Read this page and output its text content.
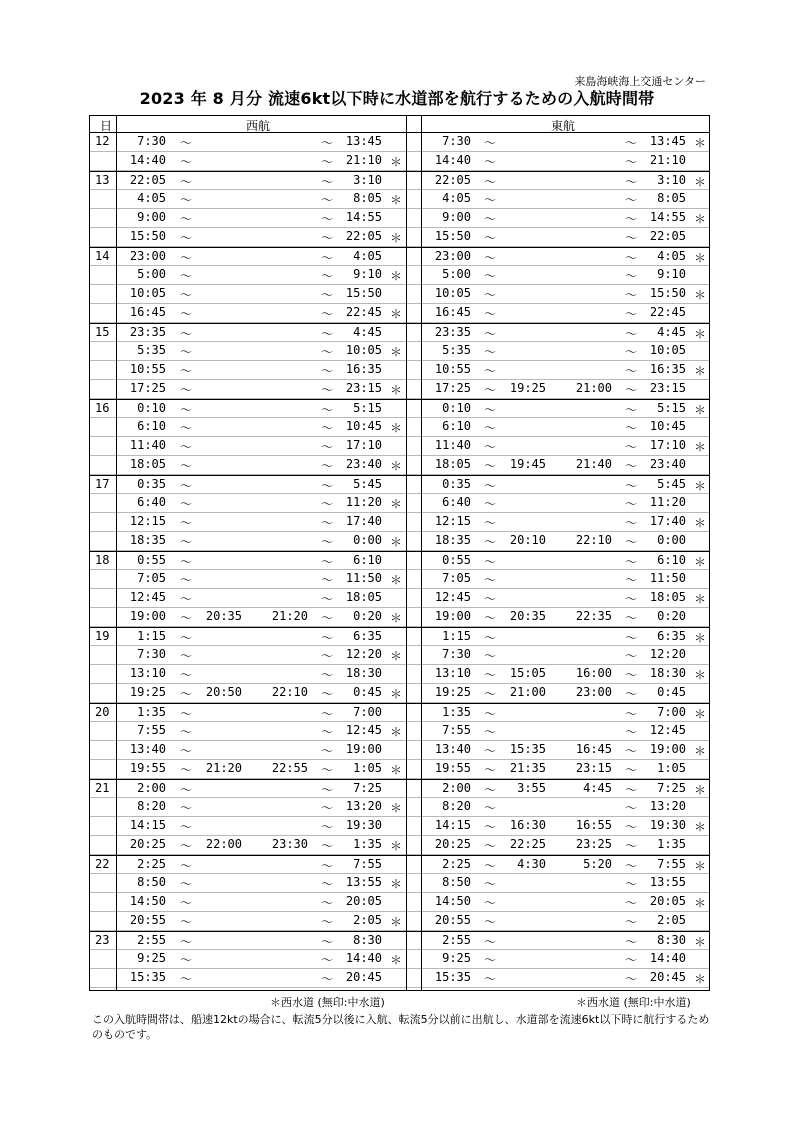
来島海峡海上交通センター
2023 年 8 月分 流速6kt以下時に水道部を航行するための入航時間帯
日	西航	東航
12	7:30 ～	～	13:45	7:30 ～	～	13:45 ＊
14:40 ～	～	21:10 ＊	14:40 ～	～	21:10
13	22:05 ～	～	3:10	22:05 ～	～	3:10 ＊
4:05 ～	～	8:05 ＊	4:05 ～	～	8:05
9:00 ～	～	14:55	9:00 ～	～	14:55 ＊
15:50 ～	～	22:05 ＊	15:50 ～	～	22:05
14	23:00 ～	～	4:05	23:00 ～	～	4:05 ＊
5:00 ～	～	9:10 ＊	5:00 ～	～	9:10
10:05 ～	～	15:50	10:05 ～	～	15:50 ＊
16:45 ～	～	22:45 ＊	16:45 ～	～	22:45
15	23:35 ～	～	4:45	23:35 ～	～	4:45 ＊
5:35 ～	～	10:05 ＊	5:35 ～	～	10:05
10:55 ～	～	16:35	10:55 ～	～	16:35 ＊
17:25 ～	～	23:15 ＊	17:25 ～	19:25	21:00 ～	23:15
16	0:10 ～	～	5:15	0:10 ～	～	5:15 ＊
6:10 ～	～	10:45 ＊	6:10 ～	～	10:45
11:40 ～	～	17:10	11:40 ～	～	17:10 ＊
18:05 ～	～	23:40 ＊	18:05 ～	19:45	21:40 ～	23:40
17	0:35 ～	～	5:45	0:35 ～	～	5:45 ＊
6:40 ～	～	11:20 ＊	6:40 ～	～	11:20
12:15 ～	～	17:40	12:15 ～	～	17:40 ＊
18:35 ～	～	0:00 ＊	18:35 ～	20:10	22:10 ～	0:00
18	0:55 ～	～	6:10	0:55 ～	～	6:10 ＊
7:05 ～	～	11:50 ＊	7:05 ～	～	11:50
12:45 ～	～	18:05	12:45 ～	～	18:05 ＊
19:00 ～	20:35	21:20 ～	0:20 ＊	19:00 ～	20:35	22:35 ～	0:20
19	1:15 ～	～	6:35	1:15 ～	～	6:35 ＊
7:30 ～	～	12:20 ＊	7:30 ～	～	12:20
13:10 ～	～	18:30	13:10 ～	15:05	16:00 ～	18:30 ＊
19:25 ～	20:50	22:10 ～	0:45 ＊	19:25 ～	21:00	23:00 ～	0:45
20	1:35 ～	～	7:00	1:35 ～	～	7:00 ＊
7:55 ～	～	12:45 ＊	7:55 ～	～	12:45
13:40 ～	～	19:00	13:40 ～	15:35	16:45 ～	19:00 ＊
19:55 ～	21:20	22:55 ～	1:05 ＊	19:55 ～	21:35	23:15 ～	1:05
21	2:00 ～	～	7:25	2:00 ～	3:55	4:45 ～	7:25 ＊
8:20 ～	～	13:20 ＊	8:20 ～	～	13:20
14:15 ～	～	19:30	14:15 ～	16:30	16:55 ～	19:30 ＊
20:25 ～	22:00	23:30 ～	1:35 ＊	20:25 ～	22:25	23:25 ～	1:35
22	2:25 ～	～	7:55	2:25 ～	4:30	5:20 ～	7:55 ＊
8:50 ～	～	13:55 ＊	8:50 ～	～	13:55
14:50 ～	～	20:05	14:50 ～	～	20:05 ＊
20:55 ～	～	2:05 ＊	20:55 ～	～	2:05
23	2:55 ～	～	8:30	2:55 ～	～	8:30 ＊
9:25 ～	～	14:40 ＊	9:25 ～	～	14:40
15:35 ～	～	20:45	15:35 ～	～	20:45 ＊
＊西水道 (無印:中水道)	＊西水道 (無印:中水道)
この入航時間帯は、船速12ktの場合に、転流5分以後に入航、転流5分以前に出航し、水道部を流速6kt以下時に航行するためのものです。
